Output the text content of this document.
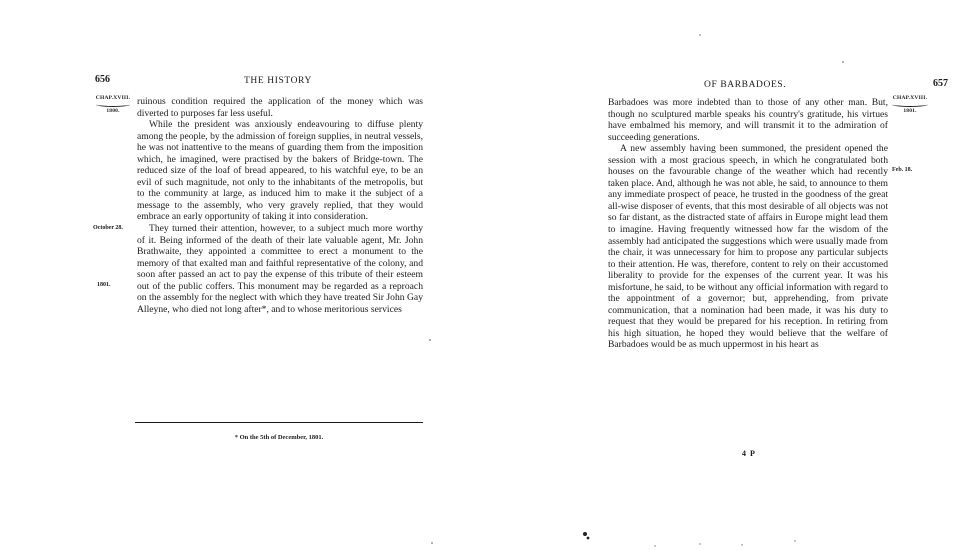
656	THE HISTORY
CHAP.XVIII.
1800.
October 28.
1801.

ruinous condition required the application of the money which was diverted to purposes far less useful.

While the president was anxiously endeavouring to diffuse plenty among the people, by the admission of foreign supplies, in neutral vessels, he was not inattentive to the means of guarding them from the imposition which, he imagined, were practised by the bakers of Bridge-town. The reduced size of the loaf of bread appeared, to his watchful eye, to be an evil of such magnitude, not only to the inhabitants of the metropolis, but to the community at large, as induced him to make it the subject of a message to the assembly, who very gravely replied, that they would embrace an early opportunity of taking it into consideration.

They turned their attention, however, to a subject much more worthy of it. Being informed of the death of their late valuable agent, Mr. John Brathwaite, they appointed a committee to erect a monument to the memory of that exalted man and faithful representative of the colony, and soon after passed an act to pay the expense of this tribute of their esteem out of the public coffers. This monument may be regarded as a reproach on the assembly for the neglect with which they have treated Sir John Gay Alleyne, who died not long after*, and to whose meritorious services

* On the 5th of December, 1801.
OF BARBADOES.	657
CHAP.XVIII.
1801.
Feb. 18.

Barbadoes was more indebted than to those of any other man. But, though no sculptured marble speaks his country's gratitude, his virtues have embalmed his memory, and will transmit it to the admiration of succeeding generations.

A new assembly having been summoned, the president opened the session with a most gracious speech, in which he congratulated both houses on the favourable change of the weather which had recently taken place. And, although he was not able, he said, to announce to them any immediate prospect of peace, he trusted in the goodness of the great all-wise disposer of events, that this most desirable of all objects was not so far distant, as the distracted state of affairs in Europe might lead them to imagine. Having frequently witnessed how far the wisdom of the assembly had anticipated the suggestions which were usually made from the chair, it was unnecessary for him to propose any particular subjects to their attention. He was, therefore, content to rely on their accustomed liberality to provide for the expenses of the current year. It was his misfortune, he said, to be without any official information with regard to the appointment of a governor; but, apprehending, from private communication, that a nomination had been made, it was his duty to request that they would be prepared for his reception. In retiring from his high situation, he hoped they would believe that the welfare of Barbadoes would be as much uppermost in his heart as

4 P
